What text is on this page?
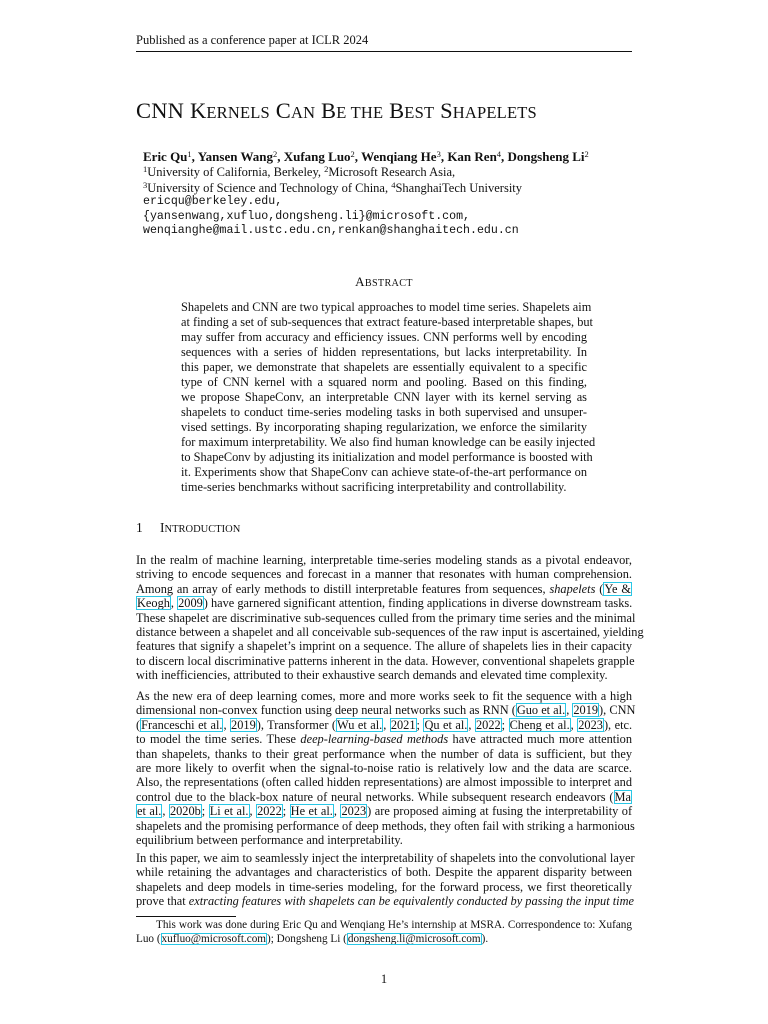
Published as a conference paper at ICLR 2024
CNN KERNELS CAN BE THE BEST SHAPELETS
Eric Qu$^1$, Yansen Wang$^2$, Xufang Luo$^2$, Wenqiang He$^3$, Kan Ren$^4$, Dongsheng Li$^2$
$^1$University of California, Berkeley, $^2$Microsoft Research Asia,
$^3$University of Science and Technology of China, $^4$ShanghaiTech University
ericqu@berkeley.edu,
{yansenwang,xufluo,dongsheng.li}@microsoft.com,
wenqianghe@mail.ustc.edu.cn,renkan@shanghaitech.edu.cn
ABSTRACT
Shapelets and CNN are two typical approaches to model time series. Shapelets aim
at finding a set of sub-sequences that extract feature-based interpretable shapes, but
may suffer from accuracy and efficiency issues. CNN performs well by encoding
sequences with a series of hidden representations, but lacks interpretability. In
this paper, we demonstrate that shapelets are essentially equivalent to a specific
type of CNN kernel with a squared norm and pooling. Based on this finding,
we propose ShapeConv, an interpretable CNN layer with its kernel serving as
shapelets to conduct time-series modeling tasks in both supervised and unsuper-
vised settings. By incorporating shaping regularization, we enforce the similarity
for maximum interpretability. We also find human knowledge can be easily injected
to ShapeConv by adjusting its initialization and model performance is boosted with
it. Experiments show that ShapeConv can achieve state-of-the-art performance on
time-series benchmarks without sacrificing interpretability and controllability.
1 INTRODUCTION
In the realm of machine learning, interpretable time-series modeling stands as a pivotal endeavor,
striving to encode sequences and forecast in a manner that resonates with human comprehension.
Among an array of early methods to distill interpretable features from sequences, shapelets (Ye &
Keogh, 2009) have garnered significant attention, finding applications in diverse downstream tasks.
These shapelet are discriminative sub-sequences culled from the primary time series and the minimal
distance between a shapelet and all conceivable sub-sequences of the raw input is ascertained, yielding
features that signify a shapelet’s imprint on a sequence. The allure of shapelets lies in their capacity
to discern local discriminative patterns inherent in the data. However, conventional shapelets grapple
with inefficiencies, attributed to their exhaustive search demands and elevated time complexity.
As the new era of deep learning comes, more and more works seek to fit the sequence with a high
dimensional non-convex function using deep neural networks such as RNN (Guo et al., 2019), CNN
(Franceschi et al., 2019), Transformer (Wu et al., 2021; Qu et al., 2022; Cheng et al., 2023), etc.
to model the time series. These deep-learning-based methods have attracted much more attention
than shapelets, thanks to their great performance when the number of data is sufficient, but they
are more likely to overfit when the signal-to-noise ratio is relatively low and the data are scarce.
Also, the representations (often called hidden representations) are almost impossible to interpret and
control due to the black-box nature of neural networks. While subsequent research endeavors (Ma
et al., 2020b; Li et al., 2022; He et al., 2023) are proposed aiming at fusing the interpretability of
shapelets and the promising performance of deep methods, they often fail with striking a harmonious
equilibrium between performance and interpretability.
In this paper, we aim to seamlessly inject the interpretability of shapelets into the convolutional layer
while retaining the advantages and characteristics of both. Despite the apparent disparity between
shapelets and deep models in time-series modeling, for the forward process, we first theoretically
prove that extracting features with shapelets can be equivalently conducted by passing the input time
This work was done during Eric Qu and Wenqiang He’s internship at MSRA. Correspondence to: Xufang
Luo (xufluo@microsoft.com); Dongsheng Li (dongsheng.li@microsoft.com).
1
